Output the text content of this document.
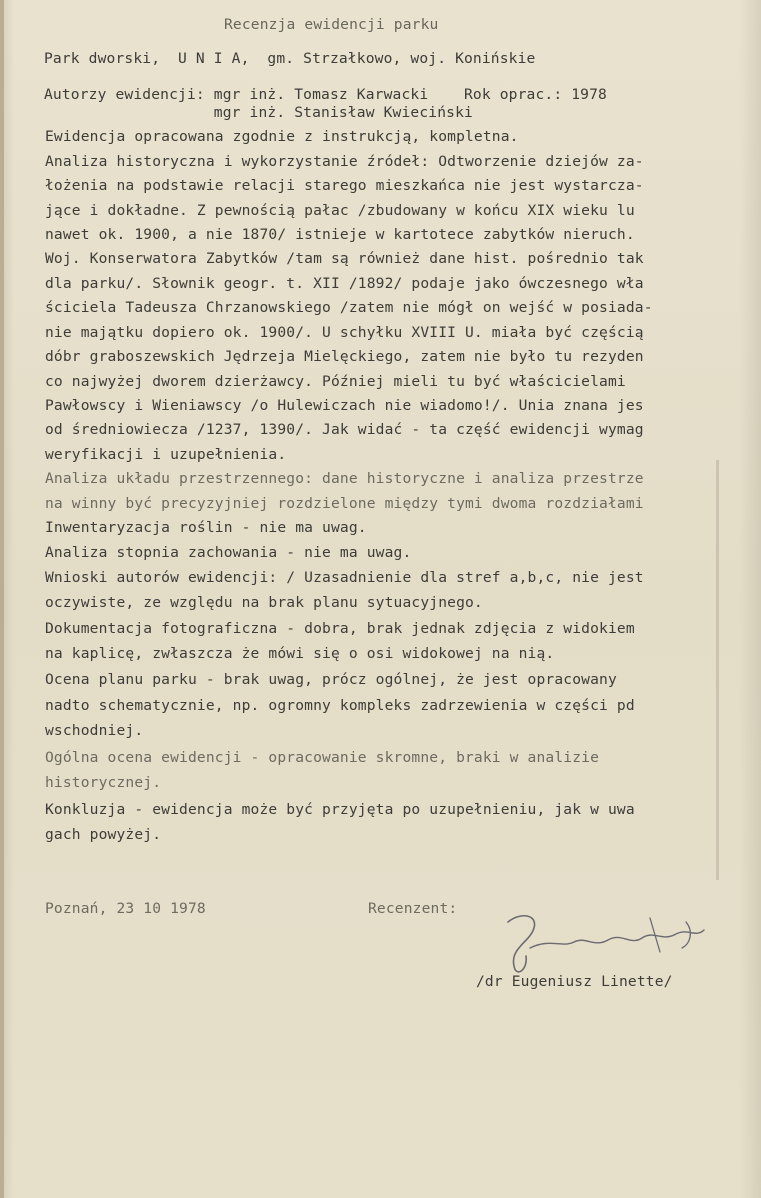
Recenzja ewidencji parku
Park dworski,  U N I A,  gm. Strzałkowo, woj. Konińskie
Autorzy ewidencji: mgr inż. Tomasz Karwacki    Rok oprac.: 1978
mgr inż. Stanisław Kwieciński
Ewidencja opracowana zgodnie z instrukcją, kompletna.
Analiza historyczna i wykorzystanie źródeł: Odtworzenie dziejów za-
łożenia na podstawie relacji starego mieszkańca nie jest wystarcza-
jące i dokładne. Z pewnością pałac /zbudowany w końcu XIX wieku lu
nawet ok. 1900, a nie 1870/ istnieje w kartotece zabytków nieruch.
Woj. Konserwatora Zabytków /tam są również dane hist. pośrednio tak
dla parku/. Słownik geogr. t. XII /1892/ podaje jako ówczesnego wła
ściciela Tadeusza Chrzanowskiego /zatem nie mógł on wejść w posiada-
nie majątku dopiero ok. 1900/. U schyłku XVIII U. miała być częścią
dóbr graboszewskich Jędrzeja Mielęckiego, zatem nie było tu rezyden
co najwyżej dworem dzierżawcy. Później mieli tu być właścicielami
Pawłowscy i Wieniawscy /o Hulewiczach nie wiadomo!/. Unia znana jes
od średniowiecza /1237, 1390/. Jak widać - ta część ewidencji wymag
weryfikacji i uzupełnienia.
Analiza układu przestrzennego: dane historyczne i analiza przestrze
na winny być precyzyjniej rozdzielone między tymi dwoma rozdziałami
Inwentaryzacja roślin - nie ma uwag.
Analiza stopnia zachowania - nie ma uwag.
Wnioski autorów ewidencji: / Uzasadnienie dla stref a,b,c, nie jest
oczywiste, ze względu na brak planu sytuacyjnego.
Dokumentacja fotograficzna - dobra, brak jednak zdjęcia z widokiem
na kaplicę, zwłaszcza że mówi się o osi widokowej na nią.
Ocena planu parku - brak uwag, prócz ogólnej, że jest opracowany
nadto schematycznie, np. ogromny kompleks zadrzewienia w części pd
wschodniej.
Ogólna ocena ewidencji - opracowanie skromne, braki w analizie
historycznej.
Konkluzja - ewidencja może być przyjęta po uzupełnieniu, jak w uwa
gach powyżej.
Poznań, 23 10 1978	Recenzent:
/dr Eugeniusz Linette/
